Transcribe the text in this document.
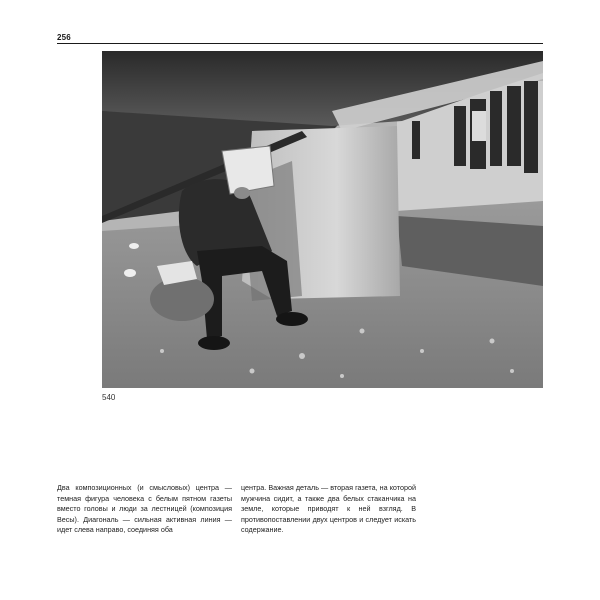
256
540
Два композиционных (и смысловых) центра — темная фигура человека с белым пятном газеты вместо головы и люди за лестницей (композиция Весы). Диагональ — сильная активная линия — идет слева направо, соединяя оба
центра. Важная деталь — вторая газета, на которой мужчина сидит, а также два белых стаканчика на земле, которые приводят к ней взгляд. В противопоставлении двух центров и следует искать содержание.
